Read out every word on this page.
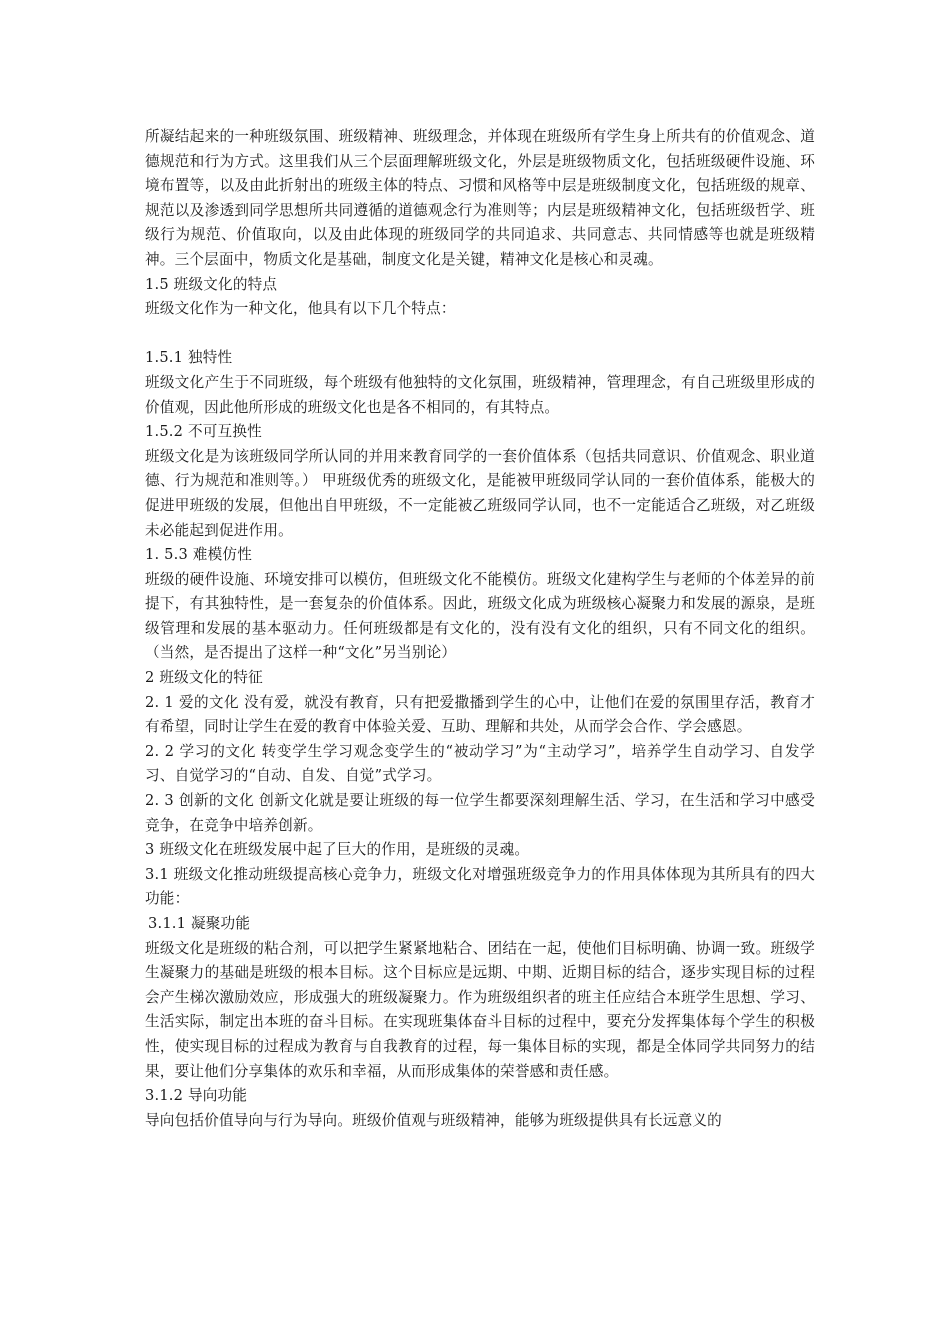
所凝结起来的一种班级氛围、班级精神、班级理念，并体现在班级所有学生身上所共有的价值观念、道德规范和行为方式。这里我们从三个层面理解班级文化，外层是班级物质文化，包括班级硬件设施、环境布置等，以及由此折射出的班级主体的特点、习惯和风格等中层是班级制度文化，包括班级的规章、规范以及渗透到同学思想所共同遵循的道德观念行为准则等；内层是班级精神文化，包括班级哲学、班级行为规范、价值取向，以及由此体现的班级同学的共同追求、共同意志、共同情感等也就是班级精神。三个层面中，物质文化是基础，制度文化是关键，精神文化是核心和灵魂。

1.5 班级文化的特点

班级文化作为一种文化，他具有以下几个特点：

1.5.1 独特性

班级文化产生于不同班级，每个班级有他独特的文化氛围，班级精神，管理理念，有自己班级里形成的价值观，因此他所形成的班级文化也是各不相同的，有其特点。

1.5.2 不可互换性

班级文化是为该班级同学所认同的并用来教育同学的一套价值体系（包括共同意识、价值观念、职业道德、行为规范和准则等。） 甲班级优秀的班级文化，是能被甲班级同学认同的一套价值体系，能极大的促进甲班级的发展，但他出自甲班级，不一定能被乙班级同学认同，也不一定能适合乙班级，对乙班级未必能起到促进作用。

1. 5.3 难模仿性

班级的硬件设施、环境安排可以模仿，但班级文化不能模仿。班级文化建构学生与老师的个体差异的前提下，有其独特性，是一套复杂的价值体系。因此，班级文化成为班级核心凝聚力和发展的源泉，是班级管理和发展的基本驱动力。任何班级都是有文化的，没有没有文化的组织，只有不同文化的组织。（当然，是否提出了这样一种“文化”另当别论）

2 班级文化的特征

2. 1 爱的文化 没有爱，就没有教育，只有把爱撒播到学生的心中，让他们在爱的氛围里存活，教育才有希望，同时让学生在爱的教育中体验关爱、互助、理解和共处，从而学会合作、学会感恩。

2. 2 学习的文化 转变学生学习观念变学生的“被动学习”为“主动学习”，培养学生自动学习、自发学习、自觉学习的“自动、自发、自觉”式学习。

2. 3 创新的文化 创新文化就是要让班级的每一位学生都要深刻理解生活、学习，在生活和学习中感受竞争，在竞争中培养创新。

3 班级文化在班级发展中起了巨大的作用，是班级的灵魂。

3.1 班级文化推动班级提高核心竞争力，班级文化对增强班级竞争力的作用具体体现为其所具有的四大功能：

3.1.1 凝聚功能

班级文化是班级的粘合剂，可以把学生紧紧地粘合、团结在一起，使他们目标明确、协调一致。班级学生凝聚力的基础是班级的根本目标。这个目标应是远期、中期、近期目标的结合，逐步实现目标的过程会产生梯次激励效应，形成强大的班级凝聚力。作为班级组织者的班主任应结合本班学生思想、学习、生活实际，制定出本班的奋斗目标。在实现班集体奋斗目标的过程中，要充分发挥集体每个学生的积极性，使实现目标的过程成为教育与自我教育的过程，每一集体目标的实现，都是全体同学共同努力的结果，要让他们分享集体的欢乐和幸福，从而形成集体的荣誉感和责任感。

3.1.2 导向功能

导向包括价值导向与行为导向。班级价值观与班级精神，能够为班级提供具有长远意义的
